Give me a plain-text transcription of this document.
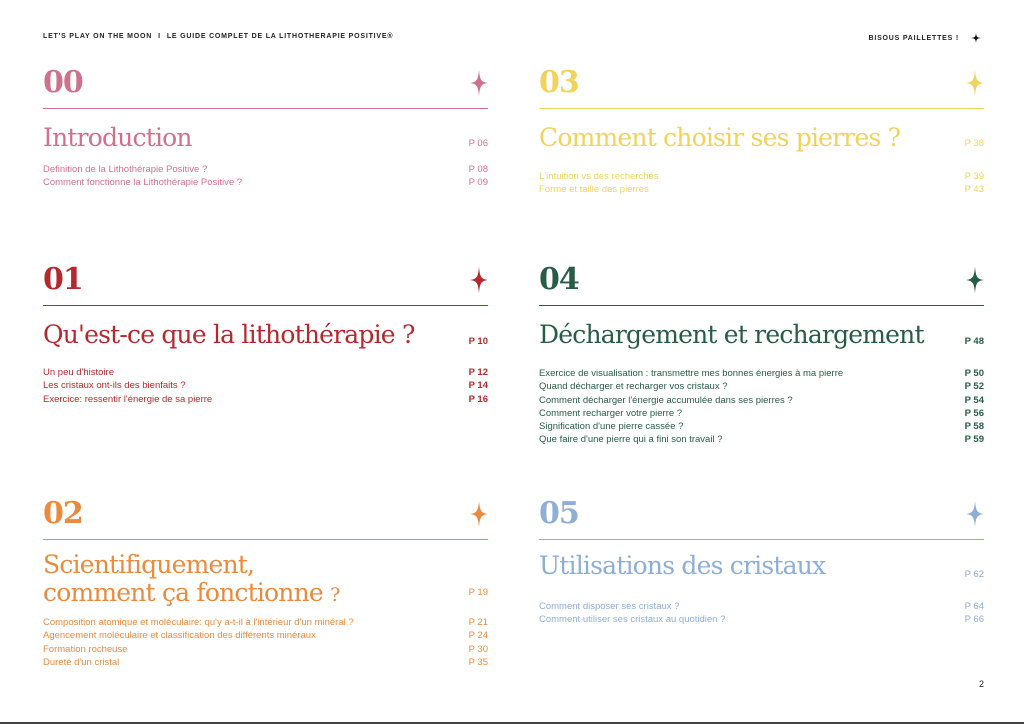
LET'S PLAY ON THE MOON I LE GUIDE COMPLET DE LA LITHOTHERAPIE POSITIVE®	BISOUS PAILLETTES !
00
Introduction	P 06
Definition de la Lithothérapie Positive ?	P 08
Comment fonctionne la Lithothérapie Positive ?	P 09
01
Qu'est-ce que la lithothérapie ?	P 10
Un peu d'histoire	P 12
Les cristaux ont-ils des bienfaits ?	P 14
Exercice: ressentir l'énergie de sa pierre	P 16
02
Scientifiquement,
comment ça fonctionne ?	P 19
Composition atomique et moléculaire: qu'y a-t-il à l'intérieur d'un minéral ?	P 21
Agencement moléculaire et classification des différents minéraux	P 24
Formation rocheuse	P 30
Dureté d'un cristal	P 35
03
Comment choisir ses pierres ?	P 38
L'intuition vs des recherchés	P 39
Forme et taille des pierres	P 43
04
Déchargement et rechargement	P 48
Exercice de visualisation : transmettre mes bonnes énergies à ma pierre	P 50
Quand décharger et recharger vos cristaux ?	P 52
Comment décharger l'énergie accumulée dans ses pierres ?	P 54
Comment recharger votre pierre ?	P 56
Signification d'une pierre cassée ?	P 58
Que faire d'une pierre qui a fini son travail ?	P 59
05
Utilisations des cristaux	P 62
Comment disposer ses cristaux ?	P 64
Comment utiliser ses cristaux au quotidien ?	P 66
2
